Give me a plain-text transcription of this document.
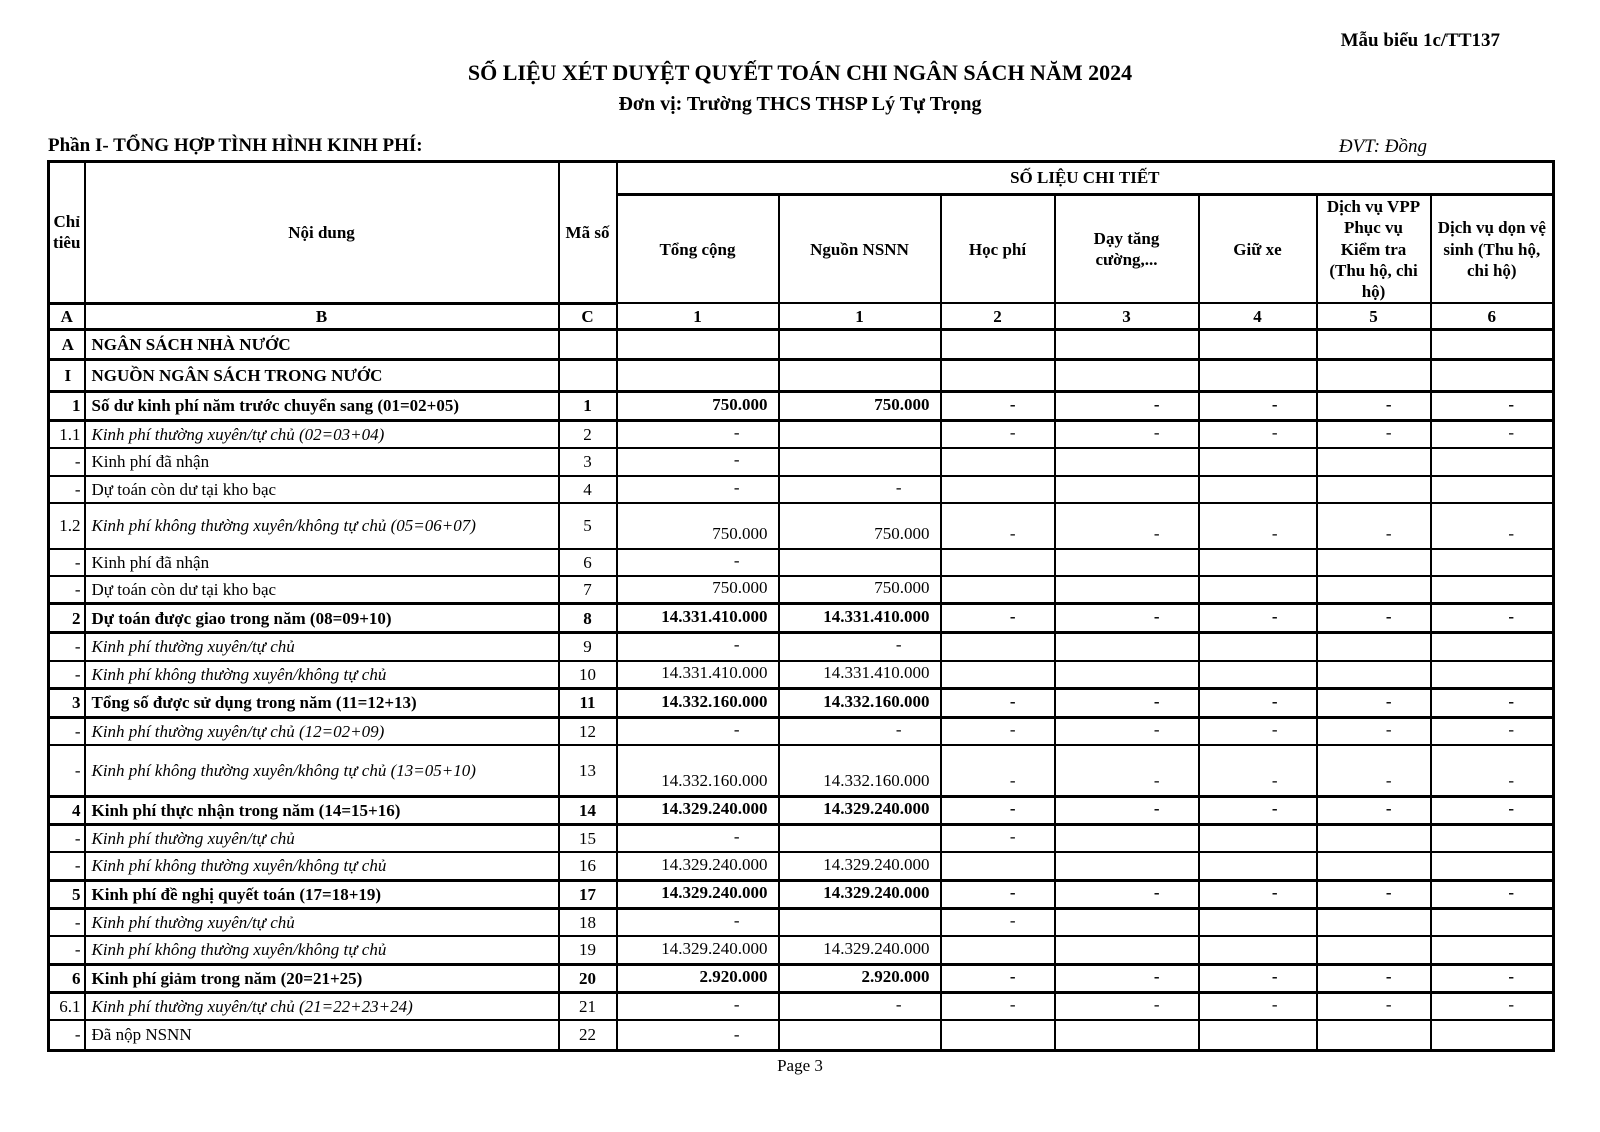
Mẫu biểu 1c/TT137
SỐ LIỆU XÉT DUYỆT QUYẾT TOÁN CHI NGÂN SÁCH NĂM 2024
Đơn vị: Trường THCS THSP Lý Tự Trọng
Phần I- TỔNG HỢP TÌNH HÌNH KINH PHÍ:	ĐVT: Đồng
Chỉ tiêu	Nội dung	Mã số	SỐ LIỆU CHI TIẾT						
			Tổng cộng	Nguồn NSNN	Học phí	Dạy tăng cường,...	Giữ xe	Dịch vụ VPP Phục vụ Kiểm tra (Thu hộ, chi hộ)	Dịch vụ dọn vệ sinh (Thu hộ, chi hộ)
A	B	C	1	1	2	3	4	5	6
A	NGÂN SÁCH NHÀ NƯỚC								
I	NGUỒN NGÂN SÁCH TRONG NƯỚC								
1	Số dư kinh phí năm trước chuyển sang (01=02+05)	1	750.000	750.000	-	-	-	-	-
1.1	Kinh phí thường xuyên/tự chủ (02=03+04)	2	-		-	-	-	-	-
-	Kinh phí đã nhận	3	-						
-	Dự toán còn dư tại kho bạc	4	-	-					
1.2	Kinh phí không thường xuyên/không tự chủ (05=06+07)	5	750.000	750.000	-	-	-	-	-
-	Kinh phí đã nhận	6	-						
-	Dự toán còn dư tại kho bạc	7	750.000	750.000					
2	Dự toán được giao trong năm (08=09+10)	8	14.331.410.000	14.331.410.000	-	-	-	-	-
-	Kinh phí thường xuyên/tự chủ	9	-	-					
-	Kinh phí không thường xuyên/không tự chủ	10	14.331.410.000	14.331.410.000					
3	Tổng số được sử dụng trong năm (11=12+13)	11	14.332.160.000	14.332.160.000	-	-	-	-	-
-	Kinh phí thường xuyên/tự chủ (12=02+09)	12	-	-	-	-	-	-	-
-	Kinh phí không thường xuyên/không tự chủ (13=05+10)	13	14.332.160.000	14.332.160.000	-	-	-	-	-
4	Kinh phí thực nhận trong năm (14=15+16)	14	14.329.240.000	14.329.240.000	-	-	-	-	-
-	Kinh phí thường xuyên/tự chủ	15	-		-				
-	Kinh phí không thường xuyên/không tự chủ	16	14.329.240.000	14.329.240.000					
5	Kinh phí đề nghị quyết toán (17=18+19)	17	14.329.240.000	14.329.240.000	-	-	-	-	-
-	Kinh phí thường xuyên/tự chủ	18	-		-				
-	Kinh phí không thường xuyên/không tự chủ	19	14.329.240.000	14.329.240.000					
6	Kinh phí giảm trong năm (20=21+25)	20	2.920.000	2.920.000	-	-	-	-	-
6.1	Kinh phí thường xuyên/tự chủ (21=22+23+24)	21	-	-	-	-	-	-	-
-	Đã nộp NSNN	22	-						
Page 3
